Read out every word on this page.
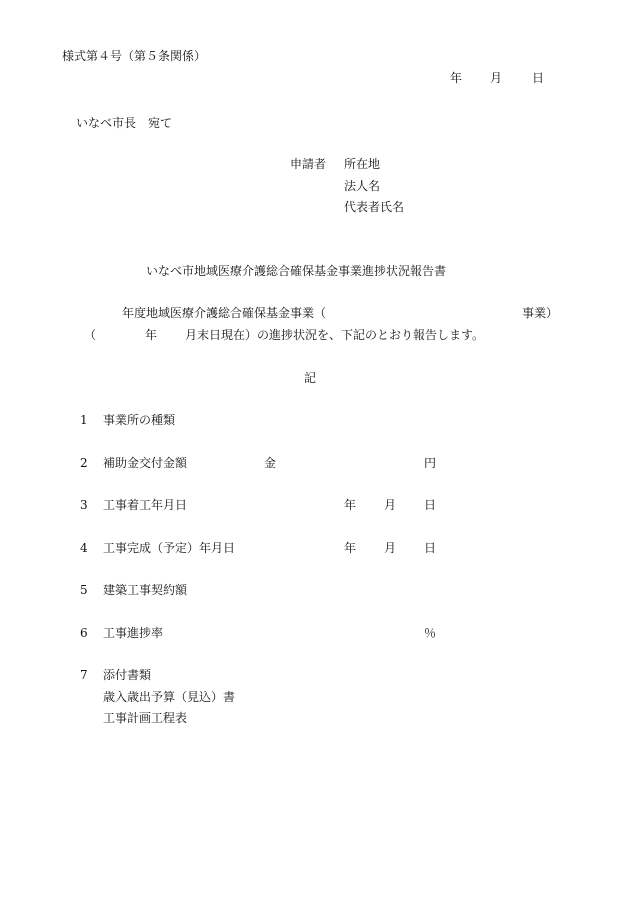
様式第４号（第５条関係）
年 月 日
いなべ市長　宛て
申請者 所在地
法人名
代表者氏名
いなべ市地域医療介護総合確保基金事業進捗状況報告書
年度地域医療介護総合確保基金事業（	事業）
（	年 月末日現在）の進捗状況を、下記のとおり報告します。
記
1 事業所の種類
2 補助金交付金額	金	円
3 工事着工年月日	年 月 日
4 工事完成（予定）年月日	年 月 日
5 建築工事契約額
6 工事進捗率	％
7 添付書類
歳入歳出予算（見込）書
工事計画工程表
